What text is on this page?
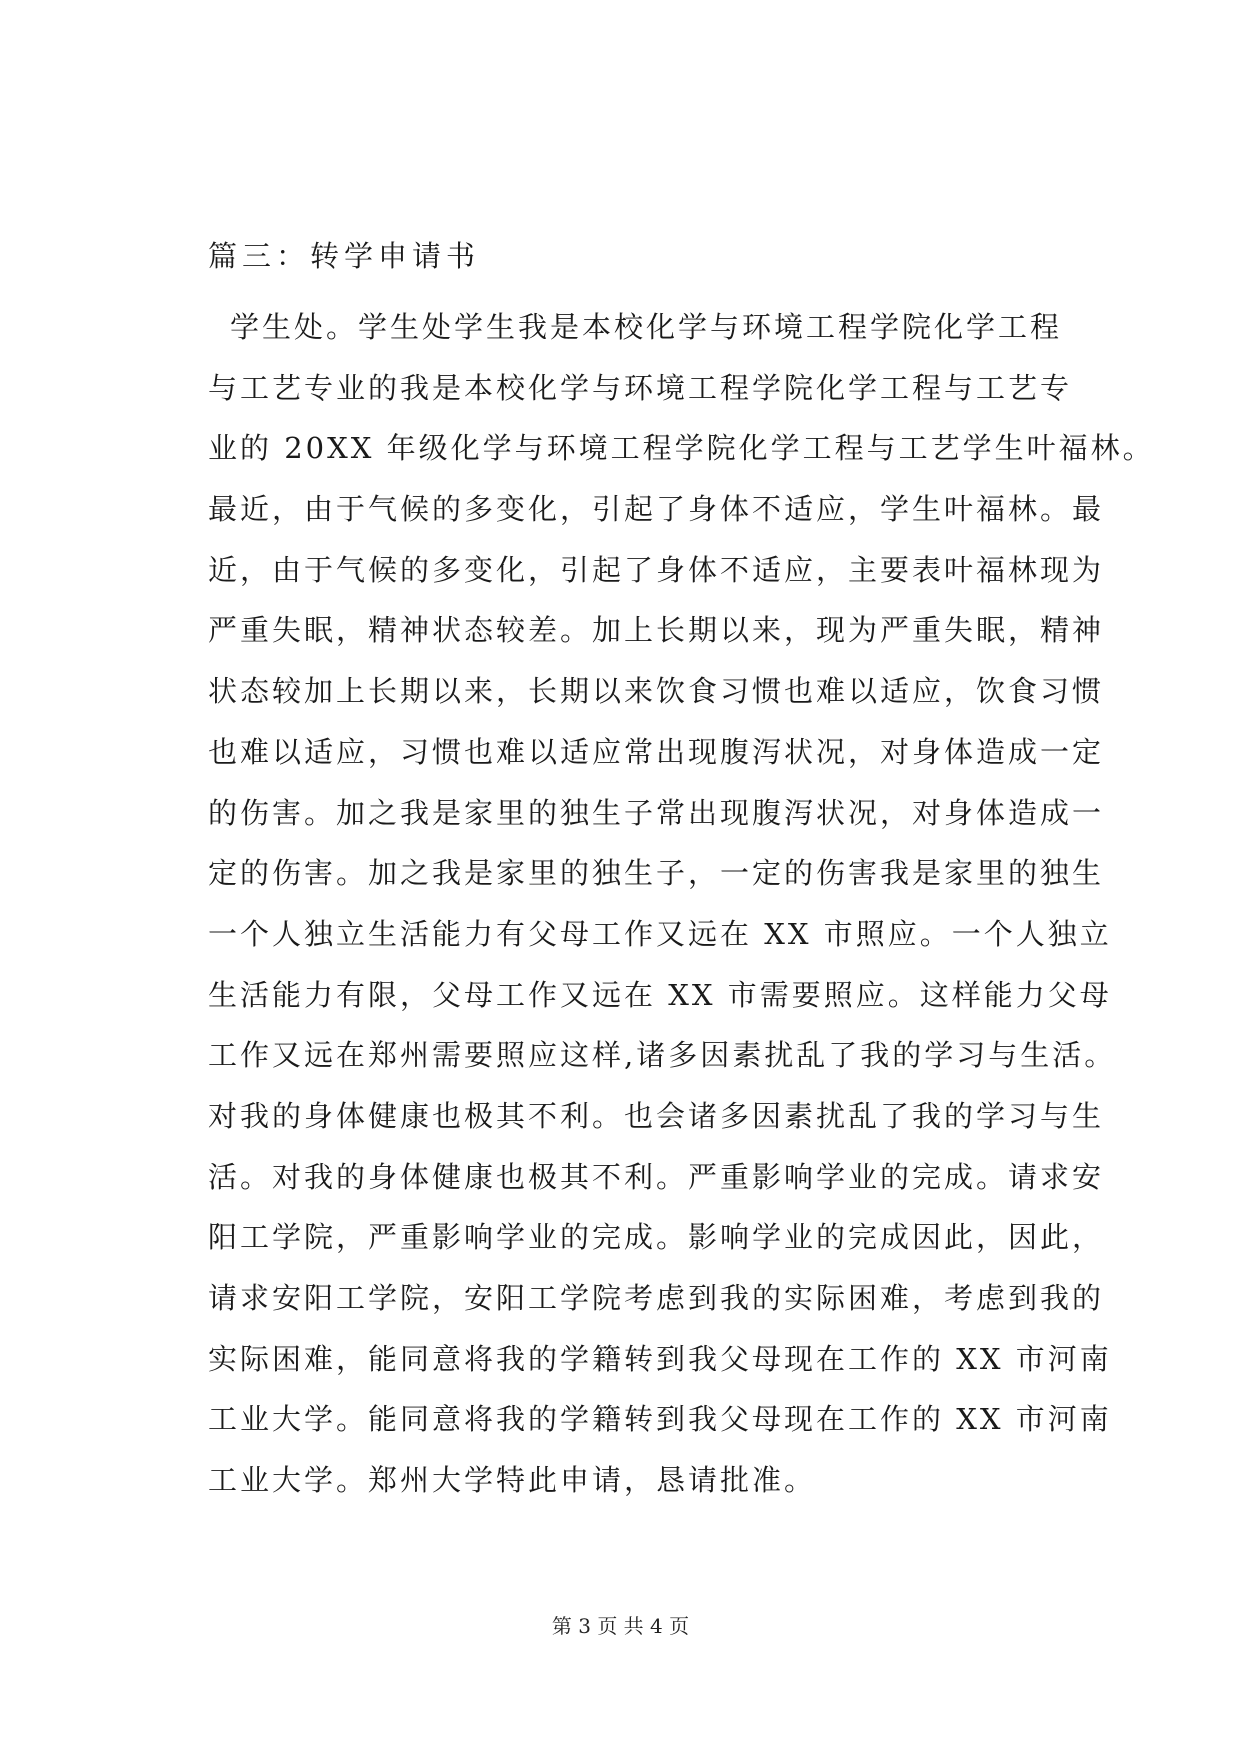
篇三：转学申请书
学生处。学生处学生我是本校化学与环境工程学院化学工程
与工艺专业的我是本校化学与环境工程学院化学工程与工艺专
业的 20XX 年级化学与环境工程学院化学工程与工艺学生叶福林。
最近，由于气候的多变化，引起了身体不适应，学生叶福林。最
近，由于气候的多变化，引起了身体不适应，主要表叶福林现为
严重失眠，精神状态较差。加上长期以来，现为严重失眠，精神
状态较加上长期以来，长期以来饮食习惯也难以适应，饮食习惯
也难以适应，习惯也难以适应常出现腹泻状况，对身体造成一定
的伤害。加之我是家里的独生子常出现腹泻状况，对身体造成一
定的伤害。加之我是家里的独生子，一定的伤害我是家里的独生
一个人独立生活能力有父母工作又远在 XX 市照应。一个人独立
生活能力有限，父母工作又远在 XX 市需要照应。这样能力父母
工作又远在郑州需要照应这样,诸多因素扰乱了我的学习与生活。
对我的身体健康也极其不利。也会诸多因素扰乱了我的学习与生
活。对我的身体健康也极其不利。严重影响学业的完成。请求安
阳工学院，严重影响学业的完成。影响学业的完成因此，因此，
请求安阳工学院，安阳工学院考虑到我的实际困难，考虑到我的
实际困难，能同意将我的学籍转到我父母现在工作的 XX 市河南
工业大学。能同意将我的学籍转到我父母现在工作的 XX 市河南
工业大学。郑州大学特此申请，恳请批准。
第 3 页 共 4 页
